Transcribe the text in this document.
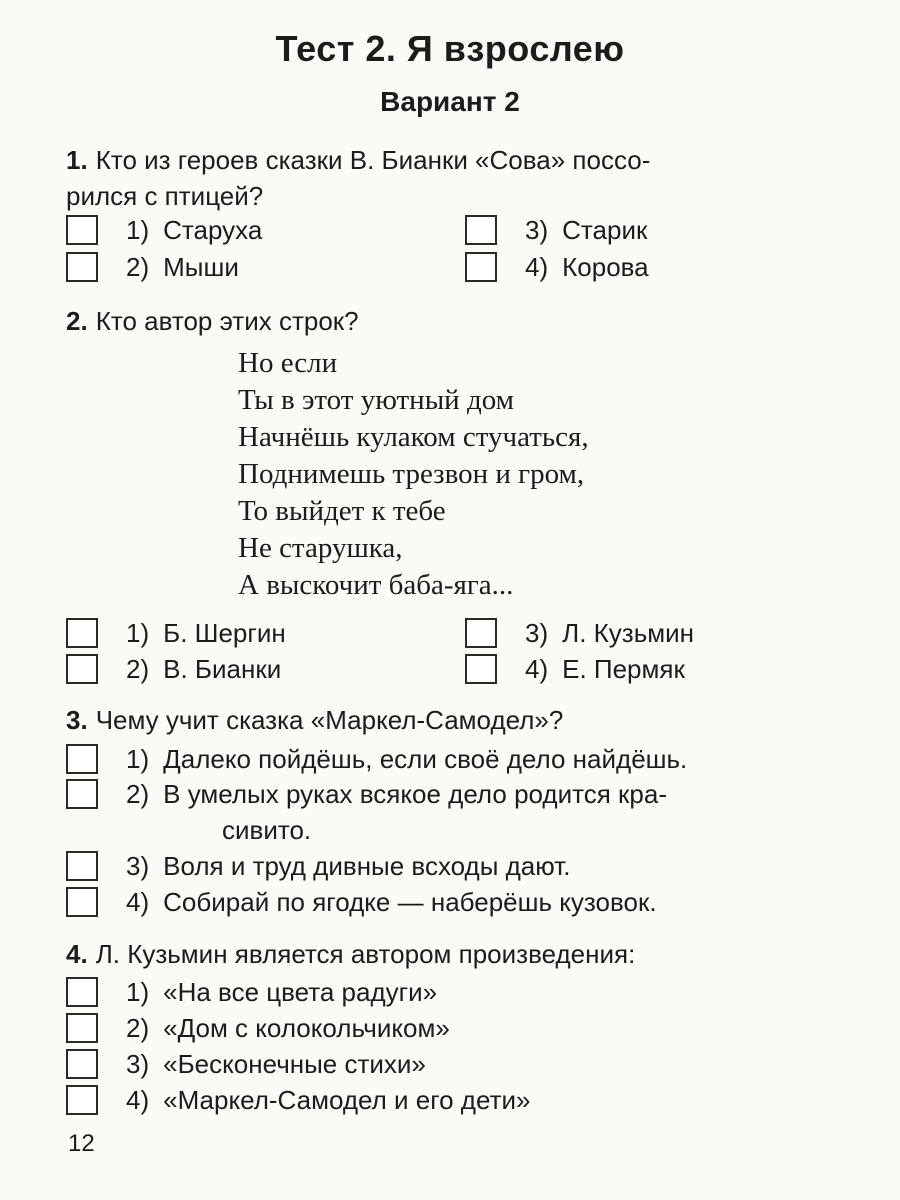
Тест 2. Я взрослею
Вариант 2
1. Кто из героев сказки В. Бианки «Сова» поссо-
рился с птицей?
1) Старуха
2) Мыши
3) Старик
4) Корова
2. Кто автор этих строк?
Но если
Ты в этот уютный дом
Начнёшь кулаком стучаться,
Поднимешь трезвон и гром,
То выйдет к тебе
Не старушка,
А выскочит баба-яга...
1) Б. Шергин
2) В. Бианки
3) Л. Кузьмин
4) Е. Пермяк
3. Чему учит сказка «Маркел-Самодел»?
1) Далеко пойдёшь, если своё дело найдёшь.
2) В умелых руках всякое дело родится кра-
сивито.
3) Воля и труд дивные всходы дают.
4) Собирай по ягодке — наберёшь кузовок.
4. Л. Кузьмин является автором произведения:
1) «На все цвета радуги»
2) «Дом с колокольчиком»
3) «Бесконечные стихи»
4) «Маркел-Самодел и его дети»
12
